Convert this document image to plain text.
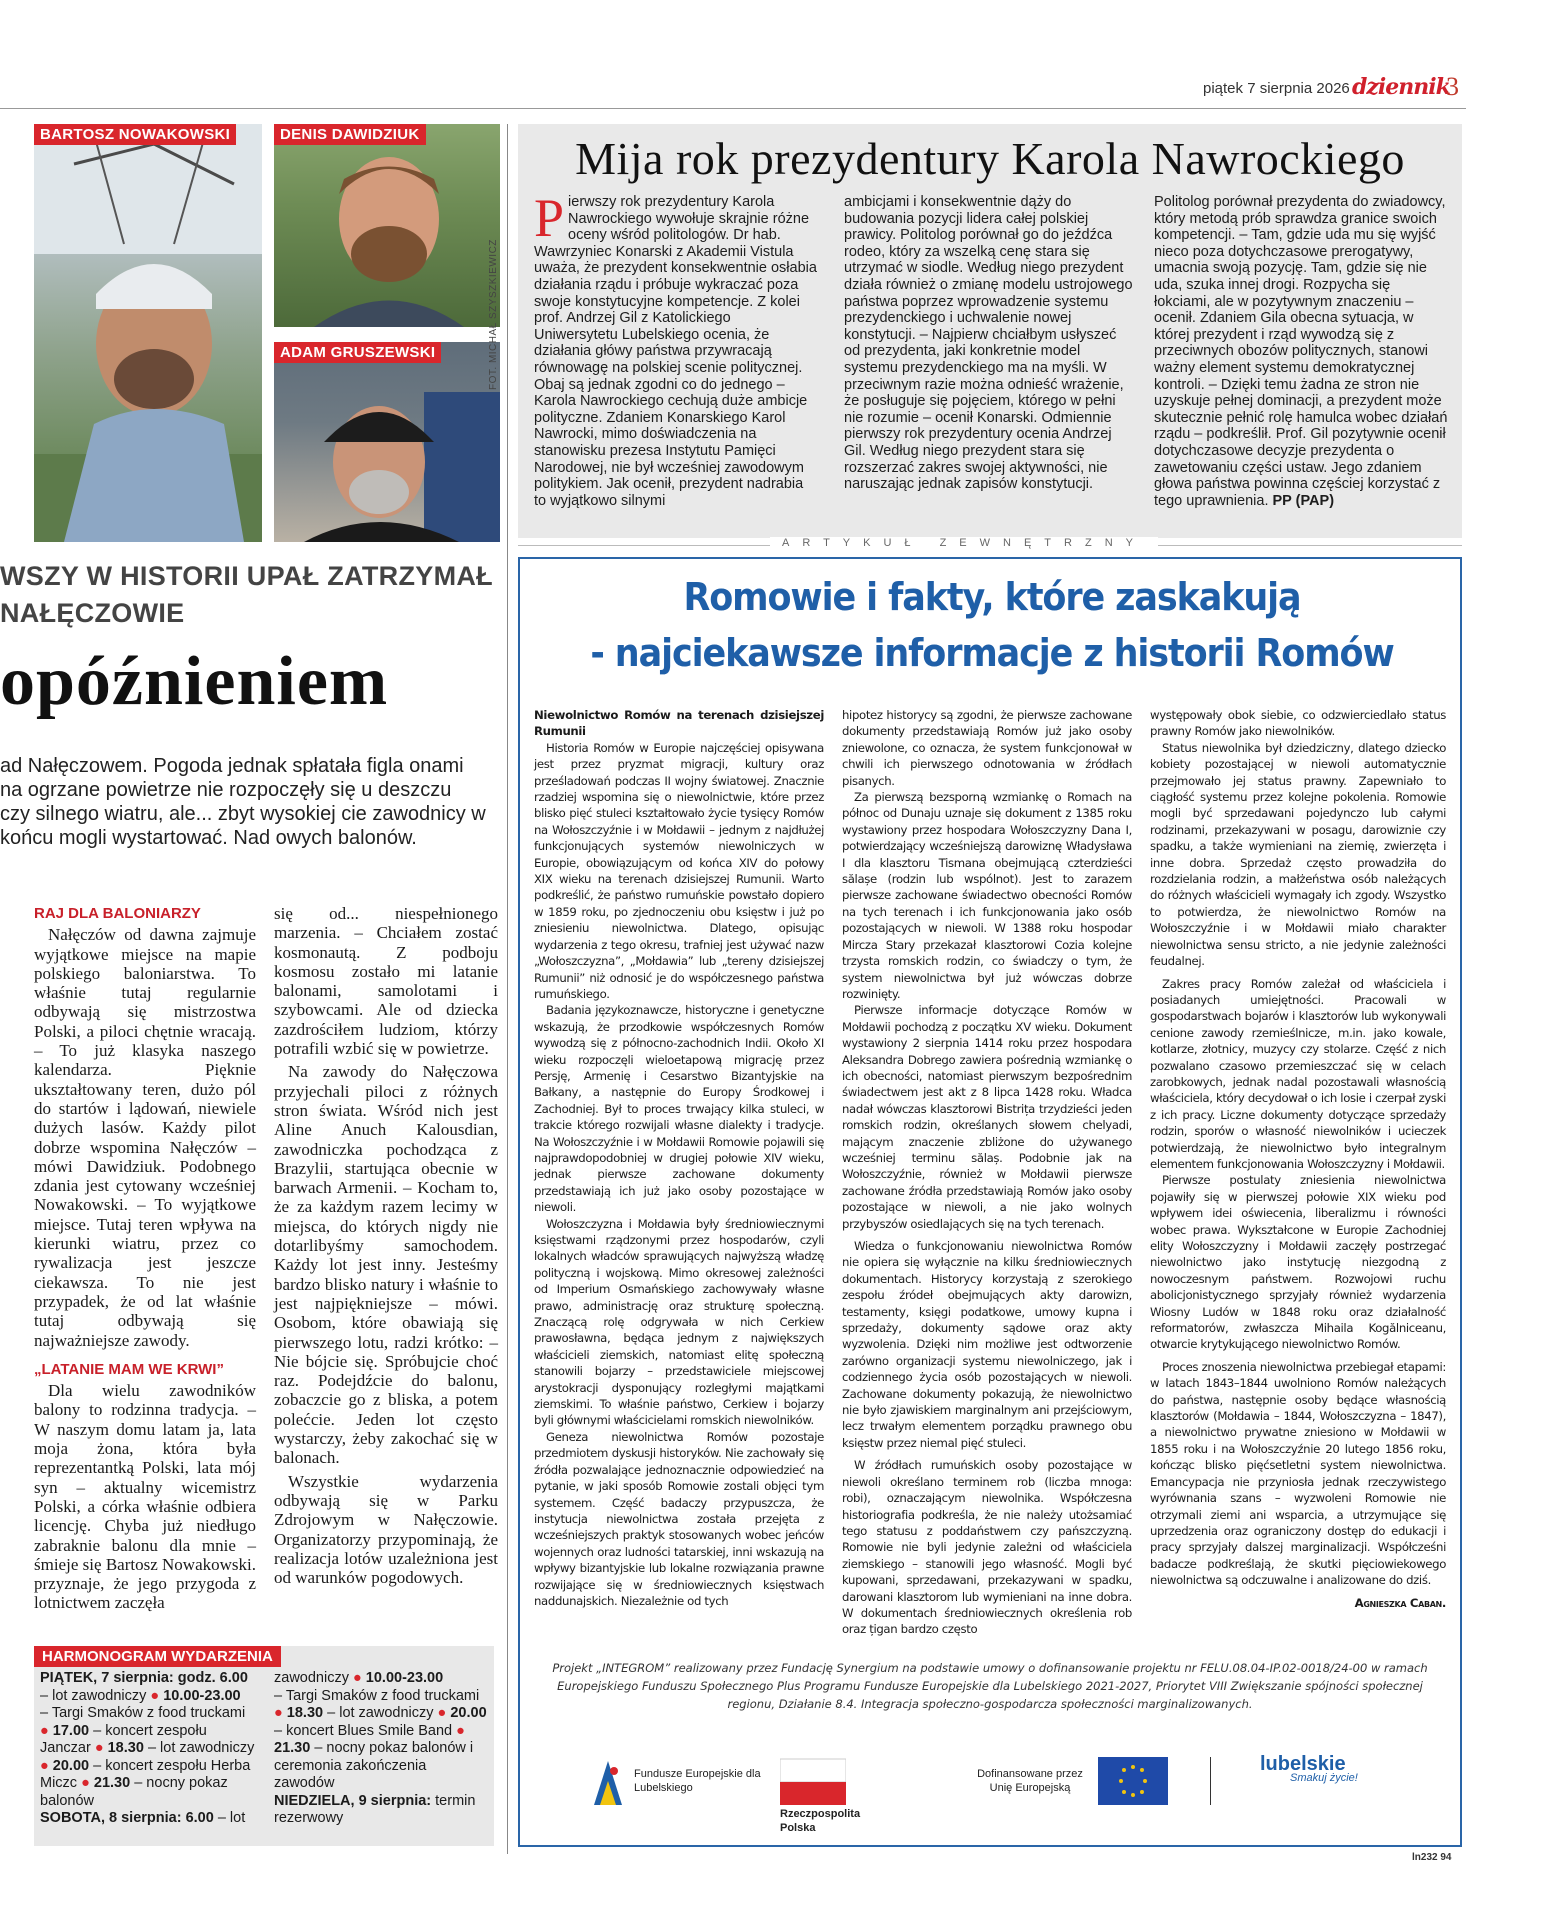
piątek 7 sierpnia 2026 dziennik
3
BARTOSZ NOWAKOWSKI	DENIS DAWIDZIUK
ADAM GRUSZEWSKI	FOT. MICHAŁ SZYSZKIEWICZ
WSZY W HISTORII UPAŁ ZATRZYMAŁ NAŁĘCZOWIE
opóźnieniem
ad Nałęczowem. Pogoda jednak spłatała figla onami na ogrzane powietrze nie rozpoczęły się u deszczu czy silnego wiatru, ale... zbyt wysokiej cie zawodnicy w końcu mogli wystartować. Nad owych balonów.
RAJ DLA BALONIARZY
Nałęczów od dawna zajmuje wyjątkowe miejsce na mapie polskiego baloniarstwa. To właśnie tutaj regularnie odbywają się mistrzostwa Polski, a piloci chętnie wracają. – To już klasyka naszego kalendarza. Pięknie ukształtowany teren, dużo pól do startów i lądowań, niewiele dużych lasów. Każdy pilot dobrze wspomina Nałęczów – mówi Dawidziuk. Podobnego zdania jest cytowany wcześniej Nowakowski. – To wyjątkowe miejsce. Tutaj teren wpływa na kierunki wiatru, przez co rywalizacja jest jeszcze ciekawsza. To nie jest przypadek, że od lat właśnie tutaj odbywają się najważniejsze zawody.
„LATANIE MAM WE KRWI”
Dla wielu zawodników balony to rodzinna tradycja. – W naszym domu latam ja, lata moja żona, która była reprezentantką Polski, lata mój syn – aktualny wicemistrz Polski, a córka właśnie odbiera licencję. Chyba już niedługo zabraknie balonu dla mnie – śmieje się Bartosz Nowakowski. przyznaje, że jego przygoda z lotnictwem zaczęła
się od... niespełnionego marzenia. – Chciałem zostać kosmonautą. Z podboju kosmosu zostało mi latanie balonami, samolotami i szybowcami. Ale od dziecka zazdrościłem ludziom, którzy potrafili wzbić się w powietrze.
Na zawody do Nałęczowa przyjechali piloci z różnych stron świata. Wśród nich jest Aline Anuch Kalousdian, zawodniczka pochodząca z Brazylii, startująca obecnie w barwach Armenii. – Kocham to, że za każdym razem lecimy w miejsca, do których nigdy nie dotarlibyśmy samochodem. Każdy lot jest inny. Jesteśmy bardzo blisko natury i właśnie to jest najpiękniejsze – mówi. Osobom, które obawiają się pierwszego lotu, radzi krótko: – Nie bójcie się. Spróbujcie choć raz. Podejdźcie do balonu, zobaczcie go z bliska, a potem polećcie. Jeden lot często wystarczy, żeby zakochać się w balonach.
Wszystkie wydarzenia odbywają się w Parku Zdrojowym w Nałęczowie. Organizatorzy przypominają, że realizacja lotów uzależniona jest od warunków pogodowych.
HARMONOGRAM WYDARZENIA
PIĄTEK, 7 sierpnia: godz. 6.00
– lot zawodniczy ● 10.00-23.00
– Targi Smaków z food truckami
● 17.00 – koncert zespołu Janczar ● 18.30 – lot zawodniczy ● 20.00 – koncert zespołu Herba Miczc ● 21.30 – nocny pokaz balonów
SOBOTA, 8 sierpnia: 6.00 – lot
zawodniczy ● 10.00-23.00
– Targi Smaków z food truckami
● 18.30 – lot zawodniczy ● 20.00 – koncert Blues Smile Band ● 21.30 – nocny pokaz balonów i ceremonia zakończenia zawodów
NIEDZIELA, 9 sierpnia: termin rezerwowy
Mija rok prezydentury Karola Nawrockiego
Pierwszy rok prezydentury Karola Nawrockiego wywołuje skrajnie różne oceny wśród politologów. Dr hab. Wawrzyniec Konarski z Akademii Vistula uważa, że prezydent konsekwentnie osłabia działania rządu i próbuje wykraczać poza swoje konstytucyjne kompetencje. Z kolei prof. Andrzej Gil z Katolickiego Uniwersytetu Lubelskiego ocenia, że działania główy państwa przywracają równowagę na polskiej scenie politycznej. Obaj są jednak zgodni co do jednego – Karola Nawrockiego cechują duże ambicje polityczne. Zdaniem Konarskiego Karol Nawrocki, mimo doświadczenia na stanowisku prezesa Instytutu Pamięci Narodowej, nie był wcześniej zawodowym politykiem. Jak ocenił, prezydent nadrabia to wyjątkowo silnymi
ambicjami i konsekwentnie dąży do budowania pozycji lidera całej polskiej prawicy. Politolog porównał go do jeźdźca rodeo, który za wszelką cenę stara się utrzymać w siodle. Według niego prezydent działa również o zmianę modelu ustrojowego państwa poprzez wprowadzenie systemu prezydenckiego i uchwalenie nowej konstytucji. – Najpierw chciałbym usłyszeć od prezydenta, jaki konkretnie model systemu prezydenckiego ma na myśli. W przeciwnym razie można odnieść wrażenie, że posługuje się pojęciem, którego w pełni nie rozumie – ocenił Konarski. Odmiennie pierwszy rok prezydentury ocenia Andrzej Gil. Według niego prezydent stara się rozszerzać zakres swojej aktywności, nie naruszając jednak zapisów konstytucji.
Politolog porównał prezydenta do zwiadowcy, który metodą prób sprawdza granice swoich kompetencji. – Tam, gdzie uda mu się wyjść nieco poza dotychczasowe prerogatywy, umacnia swoją pozycję. Tam, gdzie się nie uda, szuka innej drogi. Rozpycha się łokciami, ale w pozytywnym znaczeniu – ocenił. Zdaniem Gila obecna sytuacja, w której prezydent i rząd wywodzą się z przeciwnych obozów politycznych, stanowi ważny element systemu demokratycznej kontroli. – Dzięki temu żadna ze stron nie uzyskuje pełnej dominacji, a prezydent może skutecznie pełnić rolę hamulca wobec działań rządu – podkreślił. Prof. Gil pozytywnie ocenił dotychczasowe decyzje prezydenta o zawetowaniu części ustaw. Jego zdaniem głowa państwa powinna częściej korzystać z tego uprawnienia. PP (PAP)
ARTYKUŁ ZEWNĘTRZNY
Romowie i fakty, które zaskakują
- najciekawsze informacje z historii Romów
Niewolnictwo Romów na terenach dzisiejszej Rumunii
Historia Romów w Europie najczęściej opisywana jest przez pryzmat migracji, kultury oraz prześladowań podczas II wojny światowej. Znacznie rzadziej wspomina się o niewolnictwie, które przez blisko pięć stuleci kształtowało życie tysięcy Romów na Wołoszczyźnie i w Mołdawii – jednym z najdłużej funkcjonujących systemów niewolniczych w Europie, obowiązującym od końca XIV do połowy XIX wieku na terenach dzisiejszej Rumunii. Warto podkreślić, że państwo rumuńskie powstało dopiero w 1859 roku, po zjednoczeniu obu księstw i już po zniesieniu niewolnictwa. Dlatego, opisując wydarzenia z tego okresu, trafniej jest używać nazw „Wołoszczyzna”, „Mołdawia” lub „tereny dzisiejszej Rumunii” niż odnosić je do współczesnego państwa rumuńskiego.
Badania językoznawcze, historyczne i genetyczne wskazują, że przodkowie współczesnych Romów wywodzą się z północno-zachodnich Indii. Około XI wieku rozpoczęli wieloetapową migrację przez Persję, Armenię i Cesarstwo Bizantyjskie na Bałkany, a następnie do Europy Środkowej i Zachodniej. Był to proces trwający kilka stuleci, w trakcie którego rozwijali własne dialekty i tradycje. Na Wołoszczyźnie i w Mołdawii Romowie pojawili się najprawdopodobniej w drugiej połowie XIV wieku, jednak pierwsze zachowane dokumenty przedstawiają ich już jako osoby pozostające w niewoli.
Wołoszczyzna i Mołdawia były średniowiecznymi księstwami rządzonymi przez hospodarów, czyli lokalnych władców sprawujących najwyższą władzę polityczną i wojskową. Mimo okresowej zależności od Imperium Osmańskiego zachowywały własne prawo, administrację oraz strukturę społeczną. Znaczącą rolę odgrywała w nich Cerkiew prawosławna, będąca jednym z największych właścicieli ziemskich, natomiast elitę społeczną stanowili bojarzy – przedstawiciele miejscowej arystokracji dysponujący rozległymi majątkami ziemskimi. To właśnie państwo, Cerkiew i bojarzy byli głównymi właścicielami romskich niewolników.
Geneza niewolnictwa Romów pozostaje przedmiotem dyskusji historyków. Nie zachowały się źródła pozwalające jednoznacznie odpowiedzieć na pytanie, w jaki sposób Romowie zostali objęci tym systemem. Część badaczy przypuszcza, że instytucja niewolnictwa została przejęta z wcześniejszych praktyk stosowanych wobec jeńców wojennych oraz ludności tatarskiej, inni wskazują na wpływy bizantyjskie lub lokalne rozwiązania prawne rozwijające się w średniowiecznych księstwach naddunajskich. Niezależnie od tych
hipotez historycy są zgodni, że pierwsze zachowane dokumenty przedstawiają Romów już jako osoby zniewolone, co oznacza, że system funkcjonował w chwili ich pierwszego odnotowania w źródłach pisanych.
Za pierwszą bezsporną wzmiankę o Romach na północ od Dunaju uznaje się dokument z 1385 roku wystawiony przez hospodara Wołoszczyzny Dana I, potwierdzający wcześniejszą darowiznę Władysława I dla klasztoru Tismana obejmującą czterdzieści sălașe (rodzin lub wspólnot). Jest to zarazem pierwsze zachowane świadectwo obecności Romów na tych terenach i ich funkcjonowania jako osób pozostających w niewoli. W 1388 roku hospodar Mircza Stary przekazał klasztorowi Cozia kolejne trzysta romskich rodzin, co świadczy o tym, że system niewolnictwa był już wówczas dobrze rozwinięty.
Pierwsze informacje dotyczące Romów w Mołdawii pochodzą z początku XV wieku. Dokument wystawiony 2 sierpnia 1414 roku przez hospodara Aleksandra Dobrego zawiera pośrednią wzmiankę o ich obecności, natomiast pierwszym bezpośrednim świadectwem jest akt z 8 lipca 1428 roku. Władca nadał wówczas klasztorowi Bistrița trzydzieści jeden romskich rodzin, określanych słowem chelyadi, mającym znaczenie zbliżone do używanego wcześniej terminu sălaș. Podobnie jak na Wołoszczyźnie, również w Mołdawii pierwsze zachowane źródła przedstawiają Romów jako osoby pozostające w niewoli, a nie jako wolnych przybyszów osiedlających się na tych terenach.
Wiedza o funkcjonowaniu niewolnictwa Romów nie opiera się wyłącznie na kilku średniowiecznych dokumentach. Historycy korzystają z szerokiego zespołu źródeł obejmujących akty darowizn, testamenty, księgi podatkowe, umowy kupna i sprzedaży, dokumenty sądowe oraz akty wyzwolenia. Dzięki nim możliwe jest odtworzenie zarówno organizacji systemu niewolniczego, jak i codziennego życia osób pozostających w niewoli. Zachowane dokumenty pokazują, że niewolnictwo nie było zjawiskiem marginalnym ani przejściowym, lecz trwałym elementem porządku prawnego obu księstw przez niemal pięć stuleci.
W źródłach rumuńskich osoby pozostające w niewoli określano terminem rob (liczba mnoga: robi), oznaczającym niewolnika. Współczesna historiografia podkreśla, że nie należy utożsamiać tego statusu z poddaństwem czy pańszczyzną. Romowie nie byli jedynie zależni od właściciela ziemskiego – stanowili jego własność. Mogli być kupowani, sprzedawani, przekazywani w spadku, darowani klasztorom lub wymieniani na inne dobra. W dokumentach średniowiecznych określenia rob oraz țigan bardzo często
występowały obok siebie, co odzwierciedlało status prawny Romów jako niewolników.
Status niewolnika był dziedziczny, dlatego dziecko kobiety pozostającej w niewoli automatycznie przejmowało jej status prawny. Zapewniało to ciągłość systemu przez kolejne pokolenia. Romowie mogli być sprzedawani pojedynczo lub całymi rodzinami, przekazywani w posagu, darowizniе czy spadku, a także wymieniani na ziemię, zwierzęta i inne dobra. Sprzedaż często prowadziła do rozdzielania rodzin, a małżeństwa osób należących do różnych właścicieli wymagały ich zgody. Wszystko to potwierdza, że niewolnictwo Romów na Wołoszczyźnie i w Mołdawii miało charakter niewolnictwa sensu stricto, a nie jedynie zależności feudalnej.
Zakres pracy Romów zależał od właściciela i posiadanych umiejętności. Pracowali w gospodarstwach bojarów i klasztorów lub wykonywali cenione zawody rzemieślnicze, m.in. jako kowale, kotlarze, złotnicy, muzycy czy stolarze. Część z nich pozwalano czasowo przemieszczać się w celach zarobkowych, jednak nadal pozostawali własnością właściciela, który decydował o ich losie i czerpał zyski z ich pracy. Liczne dokumenty dotyczące sprzedaży rodzin, sporów o własność niewolników i ucieczek potwierdzają, że niewolnictwo było integralnym elementem funkcjonowania Wołoszczyzny i Mołdawii.
Pierwsze postulaty zniesienia niewolnictwa pojawiły się w pierwszej połowie XIX wieku pod wpływem idei oświecenia, liberalizmu i równości wobec prawa. Wykształcone w Europie Zachodniej elity Wołoszczyzny i Mołdawii zaczęły postrzegać niewolnictwo jako instytucję niezgodną z nowoczesnym państwem. Rozwojowi ruchu abolicjonistycznego sprzyjały również wydarzenia Wiosny Ludów w 1848 roku oraz działalność reformatorów, zwłaszcza Mihaila Kogălniceanu, otwarcie krytykującego niewolnictwo Romów.
Proces znoszenia niewolnictwa przebiegał etapami: w latach 1843–1844 uwolniono Romów należących do państwa, następnie osoby będące własnością klasztorów (Mołdawia – 1844, Wołoszczyzna – 1847), a niewolnictwo prywatne zniesiono w Mołdawii w 1855 roku i na Wołoszczyźnie 20 lutego 1856 roku, kończąc blisko pięćsetletni system niewolnictwa. Emancypacja nie przyniosła jednak rzeczywistego wyrównania szans – wyzwoleni Romowie nie otrzymali ziemi ani wsparcia, a utrzymujące się uprzedzenia oraz ograniczony dostęp do edukacji i pracy sprzyjały dalszej marginalizacji. Współcześni badacze podkreślają, że skutki pięciowiekowego niewolnictwa są odczuwalne i analizowane do dziś.
Agnieszka Caban.
Projekt „INTEGROM” realizowany przez Fundację Synergium na podstawie umowy o dofinansowanie projektu nr FELU.08.04-IP.02-0018/24-00 w ramach Europejskiego Funduszu Społecznego Plus Programu Fundusze Europejskie dla Lubelskiego 2021-2027, Priorytet VIII Zwiększanie spójności społecznej regionu, Działanie 8.4. Integracja społeczno-gospodarcza społeczności marginalizowanych.
Fundusze Europejskie dla Lubelskiego
Rzeczpospolita Polska
Dofinansowane przez Unię Europejską
lubelskie
Smakuj życie!
ln232 94
